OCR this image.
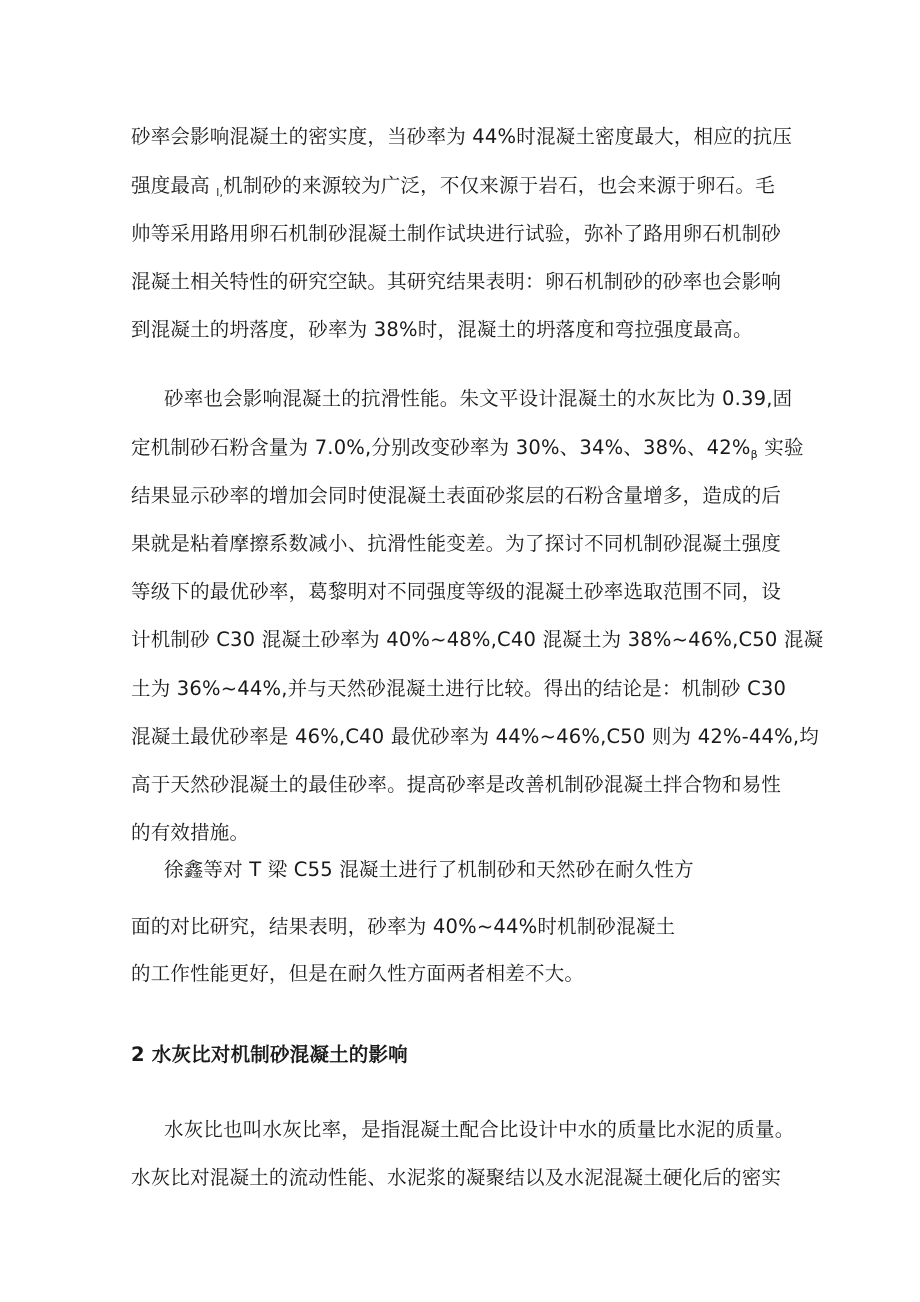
砂率会影响混凝土的密实度，当砂率为 44%时混凝土密度最大，相应的抗压
强度最高 $_{l,}$机制砂的来源较为广泛，不仅来源于岩石，也会来源于卵石。毛
帅等采用路用卵石机制砂混凝土制作试块进行试验，弥补了路用卵石机制砂
混凝土相关特性的研究空缺。其研究结果表明：卵石机制砂的砂率也会影响
到混凝土的坍落度，砂率为 38%时，混凝土的坍落度和弯拉强度最高。
砂率也会影响混凝土的抗滑性能。朱文平设计混凝土的水灰比为 0.39,固
定机制砂石粉含量为 7.0%,分别改变砂率为 30%、34%、38%、$42\%_\beta$ 实验
结果显示砂率的增加会同时使混凝土表面砂浆层的石粉含量增多，造成的后
果就是粘着摩擦系数减小、抗滑性能变差。为了探讨不同机制砂混凝土强度
等级下的最优砂率，葛黎明对不同强度等级的混凝土砂率选取范围不同，设
计机制砂 C30 混凝土砂率为 40%~48%,C40 混凝土为 38%~46%,C50 混凝
土为 36%~44%,并与天然砂混凝土进行比较。得出的结论是：机制砂 C30
混凝土最优砂率是 46%,C40 最优砂率为 44%~46%,C50 则为 42%-44%,均
高于天然砂混凝土的最佳砂率。提高砂率是改善机制砂混凝土拌合物和易性
的有效措施。
徐鑫等对 T 梁 C55 混凝土进行了机制砂和天然砂在耐久性方
面的对比研究，结果表明，砂率为 40%~44%时机制砂混凝土
的工作性能更好，但是在耐久性方面两者相差不大。
2 水灰比对机制砂混凝土的影响
水灰比也叫水灰比率，是指混凝土配合比设计中水的质量比水泥的质量。
水灰比对混凝土的流动性能、水泥浆的凝聚结以及水泥混凝土硬化后的密实
